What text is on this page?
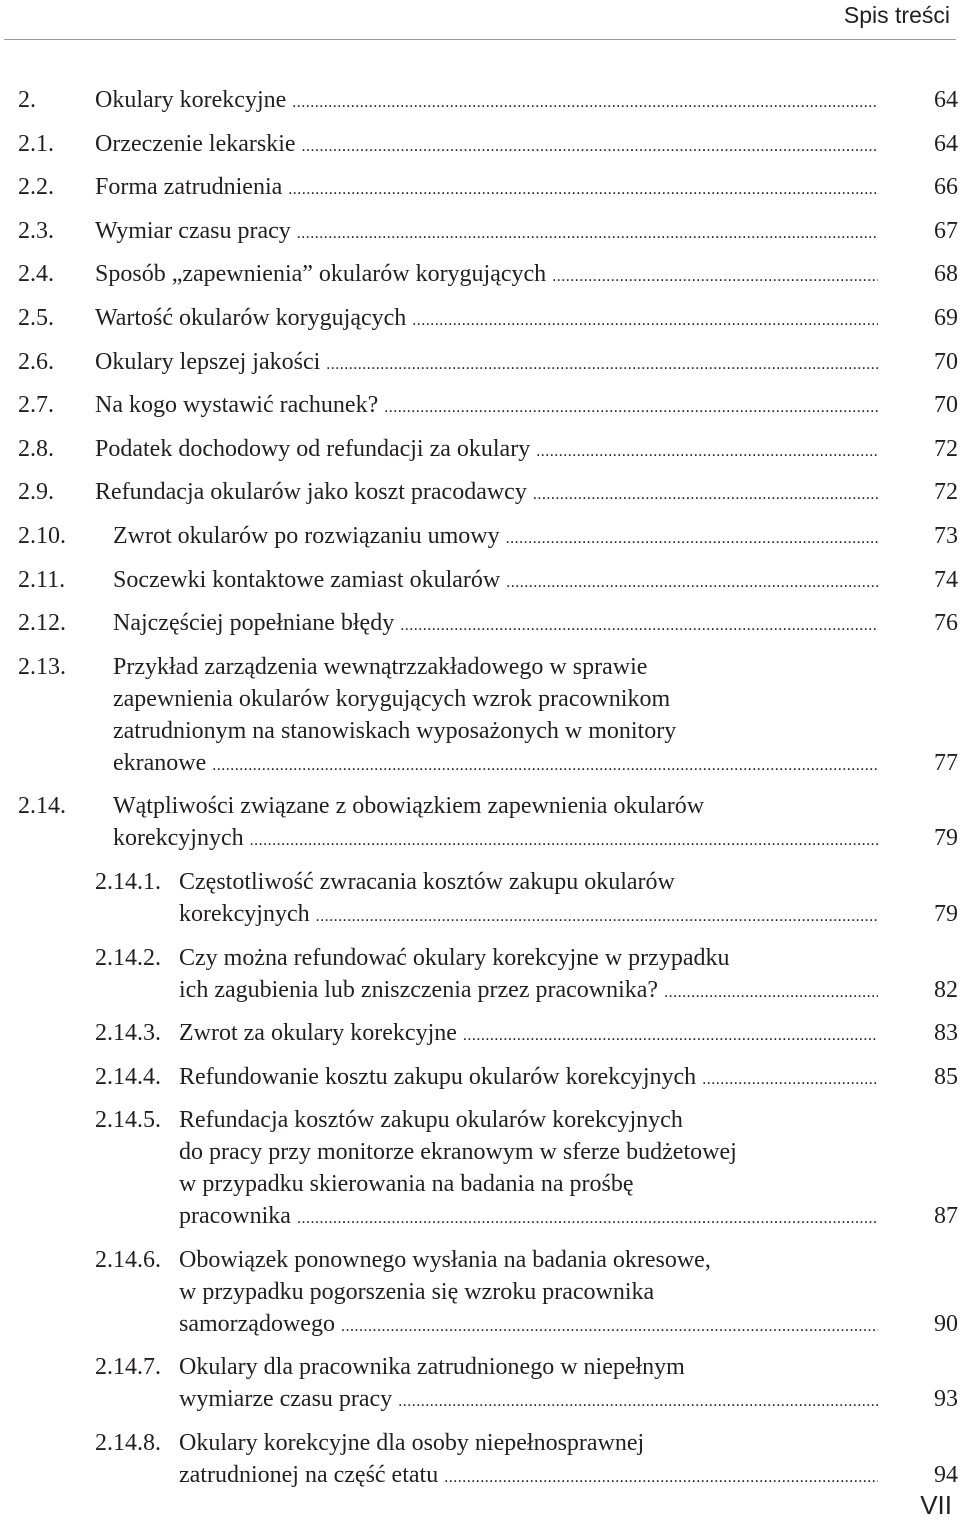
Spis treści
2.	Okulary korekcyjne .....	64
2.1.	Orzeczenie lekarskie .....	64
2.2.	Forma zatrudnienia .....	66
2.3.	Wymiar czasu pracy .....	67
2.4.	Sposób „zapewnienia” okularów korygujących .....	68
2.5.	Wartość okularów korygujących .....	69
2.6.	Okulary lepszej jakości .....	70
2.7.	Na kogo wystawić rachunek? .....	70
2.8.	Podatek dochodowy od refundacji za okulary .....	72
2.9.	Refundacja okularów jako koszt pracodawcy .....	72
2.10.	Zwrot okularów po rozwiązaniu umowy .....	73
2.11.	Soczewki kontaktowe zamiast okularów .....	74
2.12.	Najczęściej popełniane błędy .....	76
2.13.	Przykład zarządzenia wewnątrzzakładowego w sprawie
zapewnienia okularów korygujących wzrok pracownikom
zatrudnionym na stanowiskach wyposażonych w monitory
ekranowe .....	77
2.14.	Wątpliwości związane z obowiązkiem zapewnienia okularów
korekcyjnych .....	79
2.14.1. Częstotliwość zwracania kosztów zakupu okularów
korekcyjnych .....	79
2.14.2. Czy można refundować okulary korekcyjne w przypadku
ich zagubienia lub zniszczenia przez pracownika? .....	82
2.14.3. Zwrot za okulary korekcyjne .....	83
2.14.4. Refundowanie kosztu zakupu okularów korekcyjnych .....	85
2.14.5. Refundacja kosztów zakupu okularów korekcyjnych
do pracy przy monitorze ekranowym w sferze budżetowej
w przypadku skierowania na badania na prośbę
pracownika .....	87
2.14.6. Obowiązek ponownego wysłania na badania okresowe,
w przypadku pogorszenia się wzroku pracownika
samorządowego .....	90
2.14.7. Okulary dla pracownika zatrudnionego w niepełnym
wymiarze czasu pracy .....	93
2.14.8. Okulary korekcyjne dla osoby niepełnosprawnej
zatrudnionej na część etatu .....	94
VII
